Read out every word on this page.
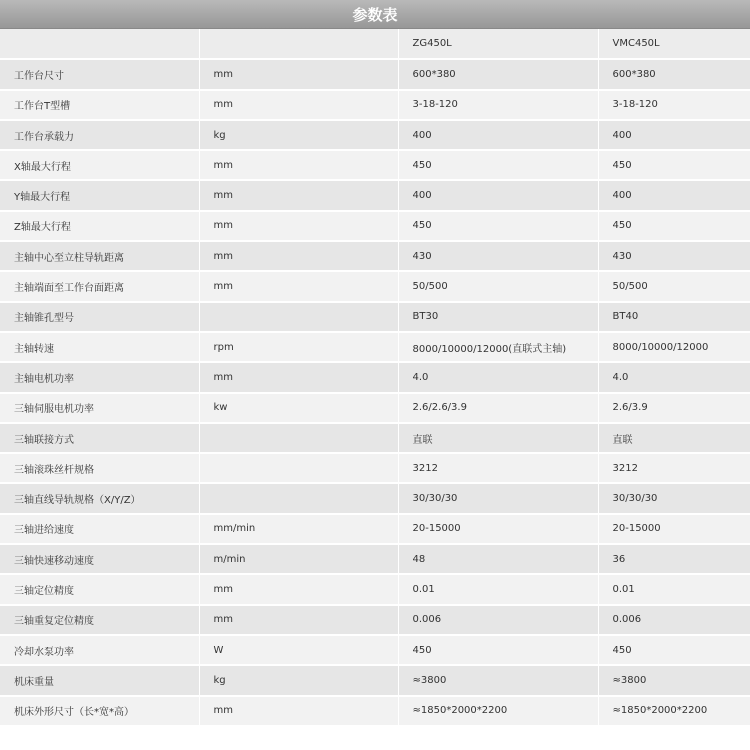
参数表
		ZG450L	VMC450L
工作台尺寸	mm	600*380	600*380
工作台T型槽	mm	3-18-120	3-18-120
工作台承载力	kg	400	400
X轴最大行程	mm	450	450
Y轴最大行程	mm	400	400
Z轴最大行程	mm	450	450
主轴中心至立柱导轨距离	mm	430	430
主轴端面至工作台面距离	mm	50/500	50/500
主轴锥孔型号		BT30	BT40
主轴转速	rpm	8000/10000/12000(直联式主轴)	8000/10000/12000
主轴电机功率	mm	4.0	4.0
三轴伺服电机功率	kw	2.6/2.6/3.9	2.6/3.9
三轴联接方式		直联	直联
三轴滚珠丝杆规格		3212	3212
三轴直线导轨规格（X/Y/Z）		30/30/30	30/30/30
三轴进给速度	mm/min	20-15000	20-15000
三轴快速移动速度	m/min	48	36
三轴定位精度	mm	0.01	0.01
三轴重复定位精度	mm	0.006	0.006
冷却水泵功率	W	450	450
机床重量	kg	≈3800	≈3800
机床外形尺寸（长*宽*高）	mm	≈1850*2000*2200	≈1850*2000*2200
